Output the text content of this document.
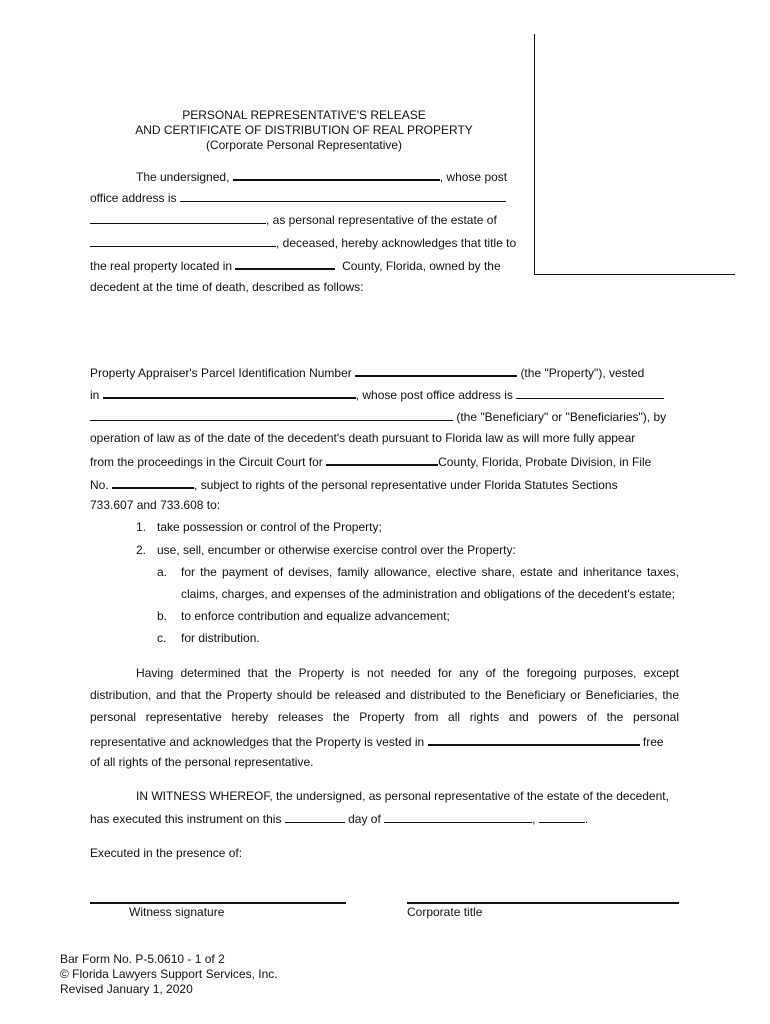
PERSONAL REPRESENTATIVE'S RELEASE
AND CERTIFICATE OF DISTRIBUTION OF REAL PROPERTY
(Corporate Personal Representative)
The undersigned,	, whose post
office address is
, as personal representative of the estate of
, deceased, hereby acknowledges that title to
the real property located in	County, Florida, owned by the
decedent at the time of death, described as follows:
Property Appraiser's Parcel Identification Number	(the "Property"), vested
in	, whose post office address is
(the "Beneficiary" or "Beneficiaries"), by
operation of law as of the date of the decedent's death pursuant to Florida law as will more fully appear
from the proceedings in the Circuit Court for	County, Florida, Probate Division, in File
No.	, subject to rights of the personal representative under Florida Statutes Sections
733.607 and 733.608 to:
1. take possession or control of the Property;
2. use, sell, encumber or otherwise exercise control over the Property:
a. for the payment of devises, family allowance, elective share, estate and inheritance taxes,
claims, charges, and expenses of the administration and obligations of the decedent's estate;
b. to enforce contribution and equalize advancement;
c. for distribution.
Having determined that the Property is not needed for any of the foregoing purposes, except
distribution, and that the Property should be released and distributed to the Beneficiary or Beneficiaries, the
personal representative hereby releases the Property from all rights and powers of the personal
representative and acknowledges that the Property is vested in	free
of all rights of the personal representative.
IN WITNESS WHEREOF, the undersigned, as personal representative of the estate of the decedent,
has executed this instrument on this	day of	,	.
Executed in the presence of:
Witness signature	Corporate title
Bar Form No. P-5.0610 - 1 of 2
© Florida Lawyers Support Services, Inc.
Revised January 1, 2020
